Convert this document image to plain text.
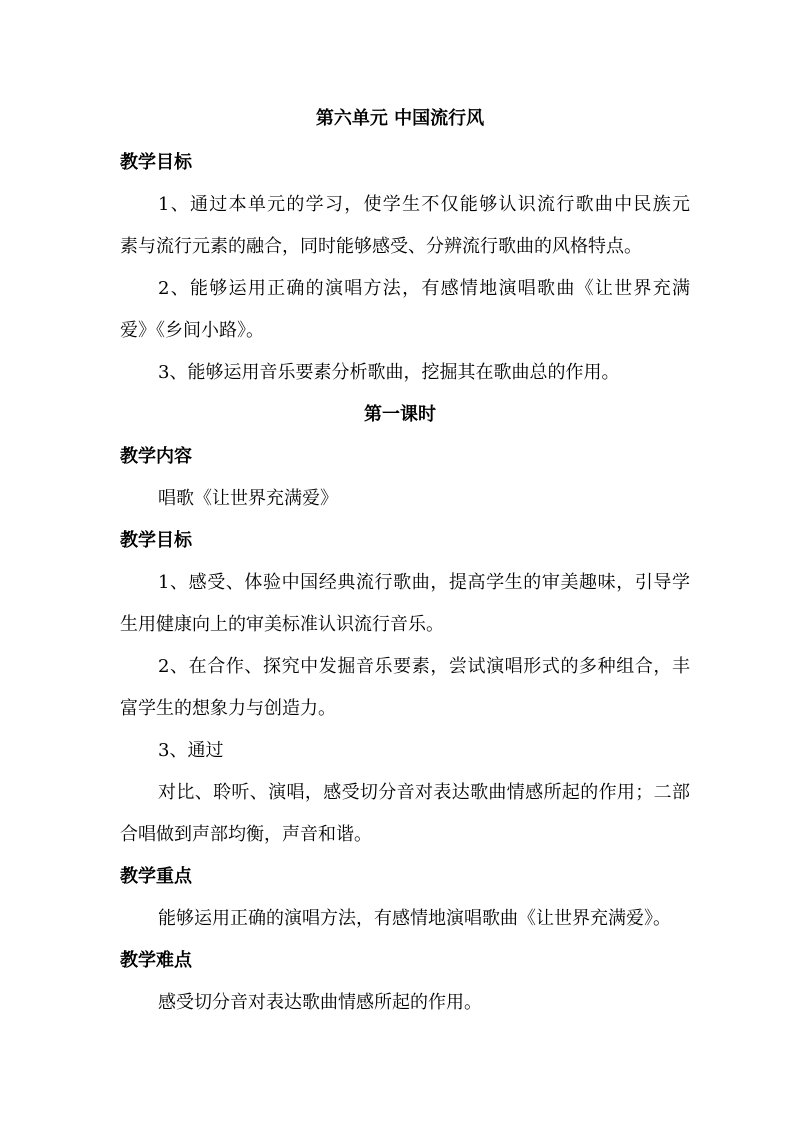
第六单元 中国流行风
教学目标
1、通过本单元的学习，使学生不仅能够认识流行歌曲中民族元
素与流行元素的融合，同时能够感受、分辨流行歌曲的风格特点。
2、能够运用正确的演唱方法，有感情地演唱歌曲《让世界充满
爱》《乡间小路》。
3、能够运用音乐要素分析歌曲，挖掘其在歌曲总的作用。
第一课时
教学内容
唱歌《让世界充满爱》
教学目标
1、感受、体验中国经典流行歌曲，提高学生的审美趣味，引导学
生用健康向上的审美标准认识流行音乐。
2、在合作、探究中发掘音乐要素，尝试演唱形式的多种组合，丰
富学生的想象力与创造力。
3、通过
对比、聆听、演唱，感受切分音对表达歌曲情感所起的作用；二部
合唱做到声部均衡，声音和谐。
教学重点
能够运用正确的演唱方法，有感情地演唱歌曲《让世界充满爱》。
教学难点
感受切分音对表达歌曲情感所起的作用。
